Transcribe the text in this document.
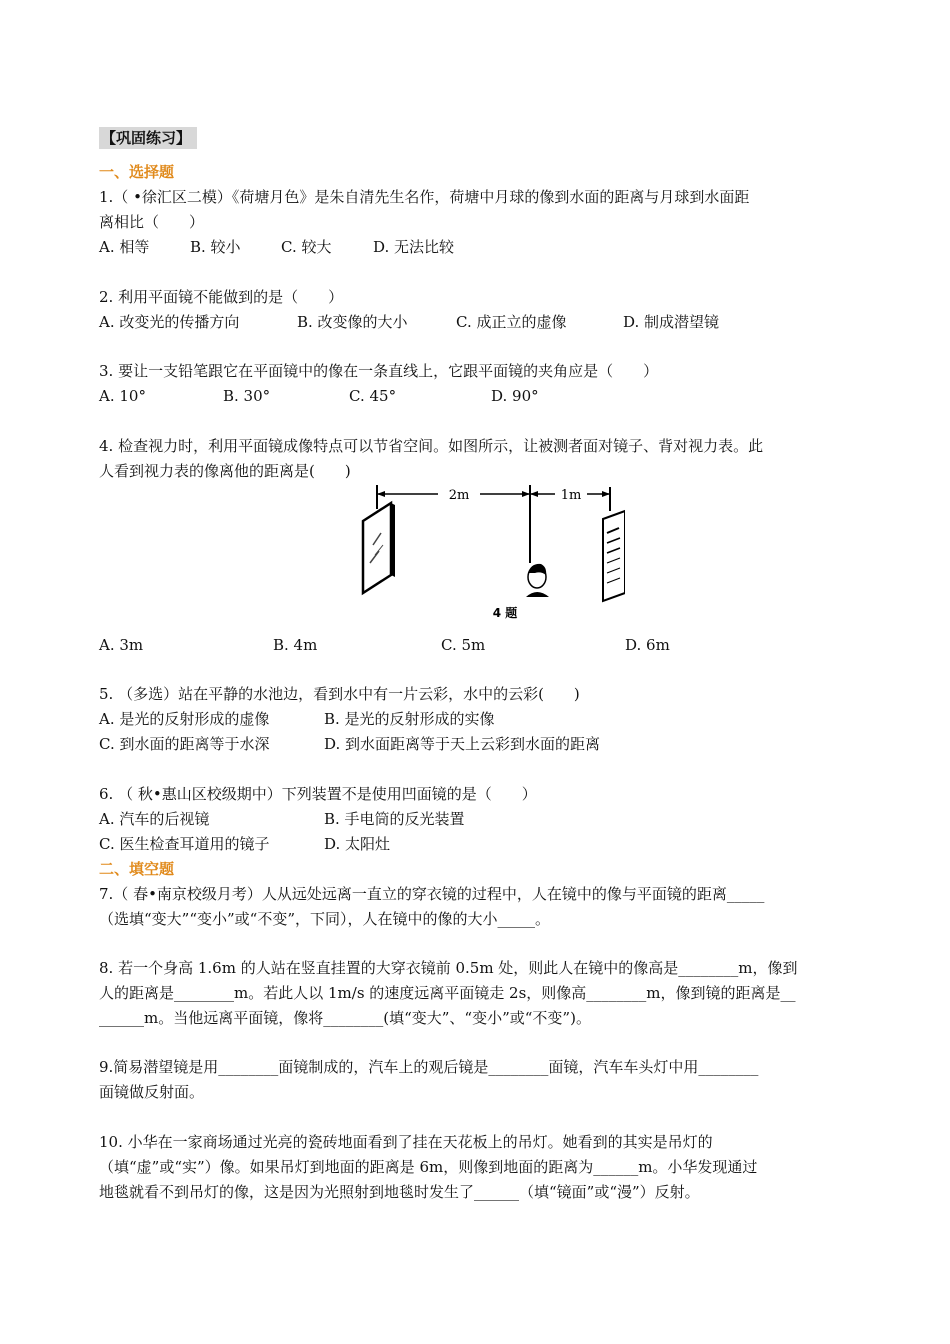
【巩固练习】
一、选择题
1.（ •徐汇区二模）《荷塘月色》是朱自清先生名作，荷塘中月球的像到水面的距离与月球到水面距
离相比（　　）
A. 相等	B. 较小	C. 较大	D. 无法比较
2. 利用平面镜不能做到的是（　　）
A. 改变光的传播方向	B. 改变像的大小	C. 成正立的虚像	D. 制成潜望镜
3. 要让一支铅笔跟它在平面镜中的像在一条直线上，它跟平面镜的夹角应是（　　）
A. 10°	B. 30°	C. 45°	D. 90°
4. 检查视力时，利用平面镜成像特点可以节省空间。如图所示，让被测者面对镜子、背对视力表。此
人看到视力表的像离他的距离是(　　)
2m	1m
4 题
A. 3m	B. 4m	C. 5m	D. 6m
5. （多选）站在平静的水池边，看到水中有一片云彩，水中的云彩(　　)
A. 是光的反射形成的虚像	B. 是光的反射形成的实像
C. 到水面的距离等于水深	D. 到水面距离等于天上云彩到水面的距离
6. （ 秋•惠山区校级期中）下列装置不是使用凹面镜的是（　　）
A. 汽车的后视镜	B. 手电筒的反光装置
C. 医生检查耳道用的镜子	D. 太阳灶
二、填空题
7.（ 春•南京校级月考）人从远处远离一直立的穿衣镜的过程中，人在镜中的像与平面镜的距离_____
（选填“变大”“变小”或“不变”，下同），人在镜中的像的大小_____。
8. 若一个身高 1.6m 的人站在竖直挂置的大穿衣镜前 0.5m 处，则此人在镜中的像高是________m，像到
人的距离是________m。若此人以 1m/s 的速度远离平面镜走 2s，则像高________m，像到镜的距离是__
______m。当他远离平面镜，像将________(填“变大”、“变小”或“不变”)。
9.简易潜望镜是用________面镜制成的，汽车上的观后镜是________面镜，汽车车头灯中用________
面镜做反射面。
10. 小华在一家商场通过光亮的瓷砖地面看到了挂在天花板上的吊灯。她看到的其实是吊灯的
（填“虚”或“实”）像。如果吊灯到地面的距离是 6m，则像到地面的距离为______m。小华发现通过
地毯就看不到吊灯的像，这是因为光照射到地毯时发生了______（填“镜面”或“漫”）反射。
